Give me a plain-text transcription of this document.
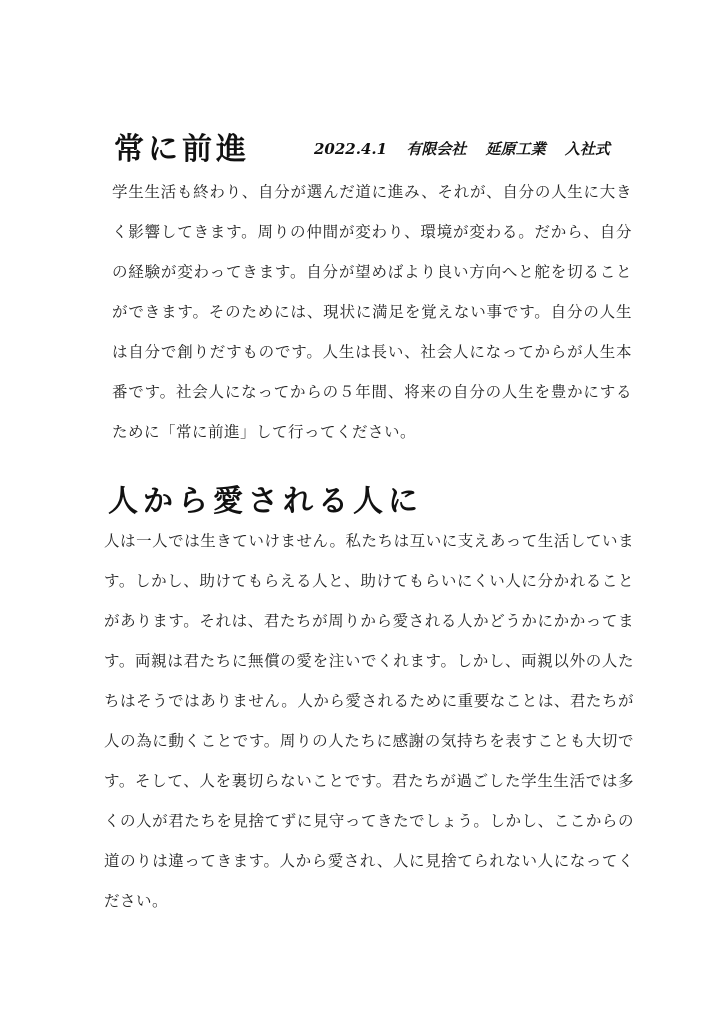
常に前進	2022.4.1 有限会社 延原工業 入社式

学生生活も終わり、自分が選んだ道に進み、それが、自分の人生に大きく影響してきます。周りの仲間が変わり、環境が変わる。だから、自分の経験が変わってきます。自分が望めばより良い方向へと舵を切ることができます。そのためには、現状に満足を覚えない事です。自分の人生は自分で創りだすものです。人生は長い、社会人になってからが人生本番です。社会人になってからの５年間、将来の自分の人生を豊かにするために「常に前進」して行ってください。

人から愛される人に

人は一人では生きていけません。私たちは互いに支えあって生活しています。しかし、助けてもらえる人と、助けてもらいにくい人に分かれることがあります。それは、君たちが周りから愛される人かどうかにかかってます。両親は君たちに無償の愛を注いでくれます。しかし、両親以外の人たちはそうではありません。人から愛されるために重要なことは、君たちが人の為に動くことです。周りの人たちに感謝の気持ちを表すことも大切です。そして、人を裏切らないことです。君たちが過ごした学生生活では多くの人が君たちを見捨てずに見守ってきたでしょう。しかし、ここからの道のりは違ってきます。人から愛され、人に見捨てられない人になってください。
